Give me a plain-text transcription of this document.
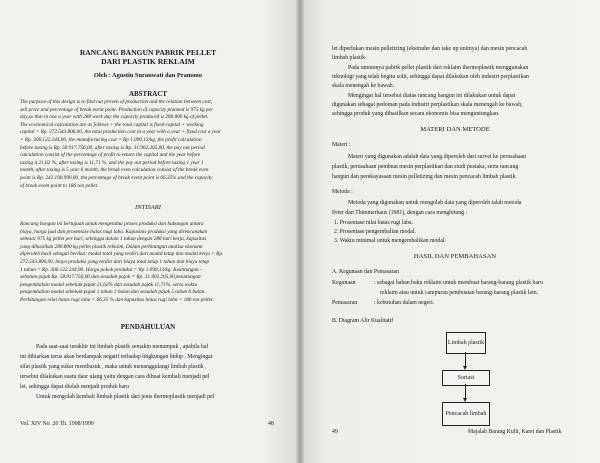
RANCANG BANGUN PABRIK PELLET
DARI PLASTIK REKLAIM
Oleh : Agustin Suranwati dan Pramono
ABSTRACT
The purpose of this design is to find out proven of production and the relation between cost,
sell price and percentage of break event point. Production of capacity planned is 975 kg per
day,so that in one a year with 288 work day the capacity produced is 280.800 kg of pellet.
The economical calculation are as follows + the total capital is fixed capital + working
capital = Rp. 272.543.806,00, the total production cost in a year with a year + fixed cost a year
= Rp. 306.122.244,00, the manufacturing cost = Rp 1.090,13/kg, the profit calculation
before taxing is Rp. 58.917.756,00, after taxing is Rp. 31.902.205,00, the pay out period
calculation consist of the percentage of profit to return the capital and the year before
taxing it 21,62 %, after taxing is 11,71 %, and the pay out period before taxing 1 year 1
month, after taxing is 5 year 6 month, the break even calculation consist of the break even
point is Rp. 242.190.990,00, the percentage of break event point is 66,35% and the capacity
of break event point to 186 ton pellet.
INTISARI
Rancang bangun ini bertujuan untuk mengetahui proses produksi dan hubungan antara
biaya, harga jual dan prosentase balas nugi laba. Kapasitas produksi yang direncanakan
sebesar 975 kg pellet per hari, sehingga dalam 1 tahun dengan 288 hari kerja, kapasitas
yang dihasilkan 280.800 kg pellet plastik reklaim. Dalam perhitungan analisa ekonomi
diperoleh hasil sebagai berikut: modal total yang terdiri dari modal tetap dan modal kerja = Rp.
272.543.806,00, biaya produksi yang terdiri dari biaya total tetap 1 tahun dan biaya tetap
1 tahun = Rp. 306.122.244,00. Harga pokok produksi = Rp 1.090,13/kg. Keuntungan -
sebelum pajak Rp. 58.917.756,00 dan sesudah pajak = Rp. 31.902.205,00,keuntungan
pengembalian modal sebelum pajak 21,62% dan sesudah pajak 11,71%, serta waktu
pengembalian modal sebelum pajak 1 tahun 1 bulan dan sesudah pajak 5 tahun 6 bulan.
Perhitungan nilai batas rugi laba = 66,35 % dan kapasitas batas rugi laba = 186 ton pellet.
PENDAHULUAN
Pada saat-saat terakhir ini limbah plastik semakin menumpuk , apabila hal
ini dibiarkan terus akan berdampak negatif terhadap lingkungan hidup . Mengingat
sifat plastik yang sukar membusuk , maka untuk menanggulangi limbah plastik
tersebut dilakukan suatu daur ulang yaitu dengan cara dibuat kembali menjadi pel
let, sehingga dapat diolah menjadi produk baru
Untuk mengolah kembali limbah plastik dari jenis thermoplastik menjadi pel
Vol. XIV No. 26 Th. 1998/1999	48
let diperlukan mesin pelletizing (ekstruder dan take up unitnya) dan mesin pencacah
limbah plastik
Pada umumnya pabrik pellet plastik dari reklaim thermoplastik menggunakan
teknologi yang telah begitu solit, sehingga dapat dilakukan oleh industri perplastikan
skala menengah ke bawah.
Mengingat hal tersebut diatas rancang bangun ini dilakukan untuk dapat
digunakan sebagai pedoman pada industri perplastikan skala menengah ke bawah,
sehingga produk yang dihasilkan secara ekonomis bisa menguntungkan.
MATERI DAN METODE
Materi :
Materi yang digunakan adalah data yang diperoleh dari survei ke perusahaan
plastik, perusahaan pembuat mesin perplastikan dan studi pustaka, serta rancang
bangun dan perekayasaan mesin pelletizing dan mesin pencacah limbah plastik.
Metoda :
Metoda yang digunakan untuk mengolah data yang diperoleh ialah metoda
Peter dan Thimmerhaus (1981), dengan cara menghitung :
1. Prosentase nilai batas rugi laba.
2. Prosentase pengembalian modal.
3. Waktu minimal untuk mengembalikan modal.
HASIL DAN PEMBAHASAN
A. Kegunaan dan Pemasaran
Kegunaan	: sebagai bahan baku reklaim untuk membuat barang-barang plastik baru
reklaim atau untuk campuran pembuatan barang-barang plastik lain.
Pemasaran	: kebutuhan dalam negeri.
B. Diagram Alir Kualitatif
Limbah plastik
Sortasi
Pencacah limbah
49	Majalah Barang Kulit, Karet dan Plastik
